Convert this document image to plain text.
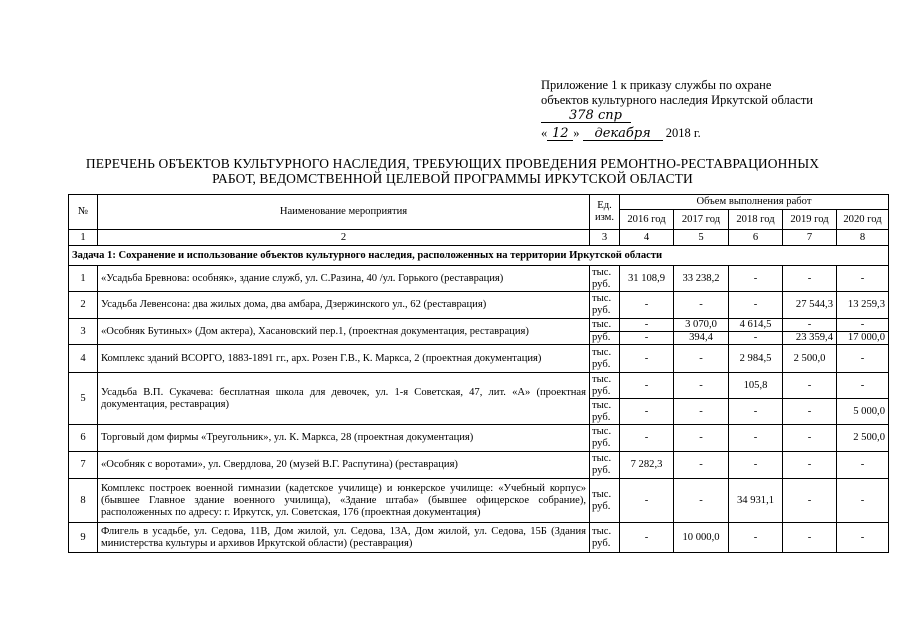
Приложение 1 к приказу службы по охране
объектов культурного наследия Иркутской области
378 спр
« 12 » декабря 2018 г.
ПЕРЕЧЕНЬ ОБЪЕКТОВ КУЛЬТУРНОГО НАСЛЕДИЯ, ТРЕБУЮЩИХ ПРОВЕДЕНИЯ РЕМОНТНО-РЕСТАВРАЦИОННЫХ
РАБОТ, ВЕДОМСТВЕННОЙ ЦЕЛЕВОЙ ПРОГРАММЫ ИРКУТСКОЙ ОБЛАСТИ
№	Наименование мероприятия	Ед. изм.	Объем выполнения работ				
			2016 год	2017 год	2018 год	2019 год	2020 год
1	2	3	4	5	6	7	8
Задача 1: Сохранение и использование объектов культурного наследия, расположенных на территории Иркутской области							
1	«Усадьба Бревнова: особняк», здание служб, ул. С.Разина, 40 /ул. Горького (реставрация)	тыс. руб.	31 108,9	33 238,2	-	-	-
2	Усадьба Левенсона: два жилых дома, два амбара, Дзержинского ул., 62 (реставрация)	тыс. руб.	-	-	-	27 544,3	13 259,3
3	«Особняк Бутиных» (Дом актера), Хасановский пер.1, (проектная документация, реставрация)	тыс.	-	3 070,0	4 614,5	-	-
		руб.	-	394,4	-	23 359,4	17 000,0
4	Комплекс зданий ВСОРГО, 1883-1891 гг., арх. Розен Г.В., К. Маркса, 2 (проектная документация)	тыс. руб.	-	-	2 984,5	2 500,0	-
5	Усадьба В.П. Сукачева: бесплатная школа для девочек, ул. 1-я Советская, 47, лит. «А» (проектная документация, реставрация)	тыс. руб.	-	-	105,8	-	-
		тыс. руб.	-	-	-	-	5 000,0
6	Торговый дом фирмы «Треугольник», ул. К. Маркса, 28 (проектная документация)	тыс. руб.	-	-	-	-	2 500,0
7	«Особняк с воротами», ул. Свердлова, 20 (музей В.Г. Распутина) (реставрация)	тыс. руб.	7 282,3	-	-	-	-
8	Комплекс построек военной гимназии (кадетское училище) и юнкерское училище: «Учебный корпус» (бывшее Главное здание военного училища), «Здание штаба» (бывшее офицерское собрание), расположенных по адресу: г. Иркутск, ул. Советская, 176 (проектная документация)	тыс. руб.	-	-	34 931,1	-	-
9	Флигель в усадьбе, ул. Седова, 11В, Дом жилой, ул. Седова, 13А, Дом жилой, ул. Седова, 15Б (Здания министерства культуры и архивов Иркутской области) (реставрация)	тыс. руб.	-	10 000,0	-	-	-
